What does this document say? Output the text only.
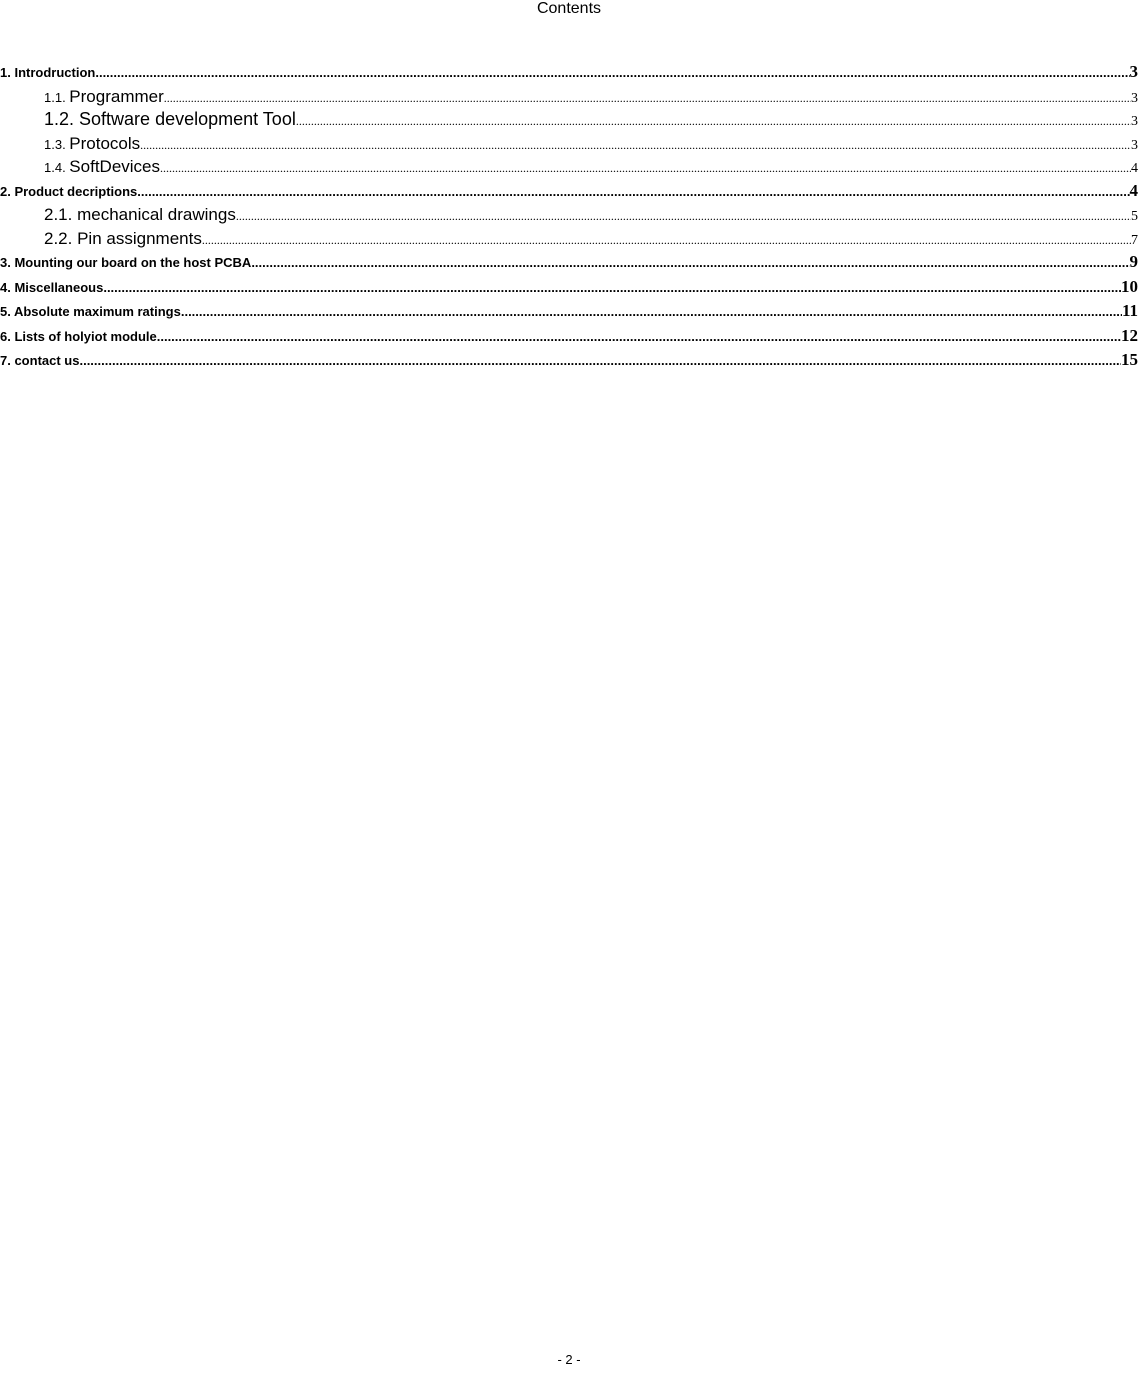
Contents
1. Introdruction .....	3
1.1. Programmer .....	3
1.2. Software development Tool .....	3
1.3. Protocols .....	3
1.4. SoftDevices .....	4
2. Product decriptions .....	4
2.1. mechanical drawings .....	5
2.2. Pin assignments .....	7
3. Mounting our board on the host PCBA .....	9
4. Miscellaneous .....	10
5. Absolute maximum ratings .....	11
6. Lists of holyiot module .....	12
7. contact us .....	15
- 2 -
